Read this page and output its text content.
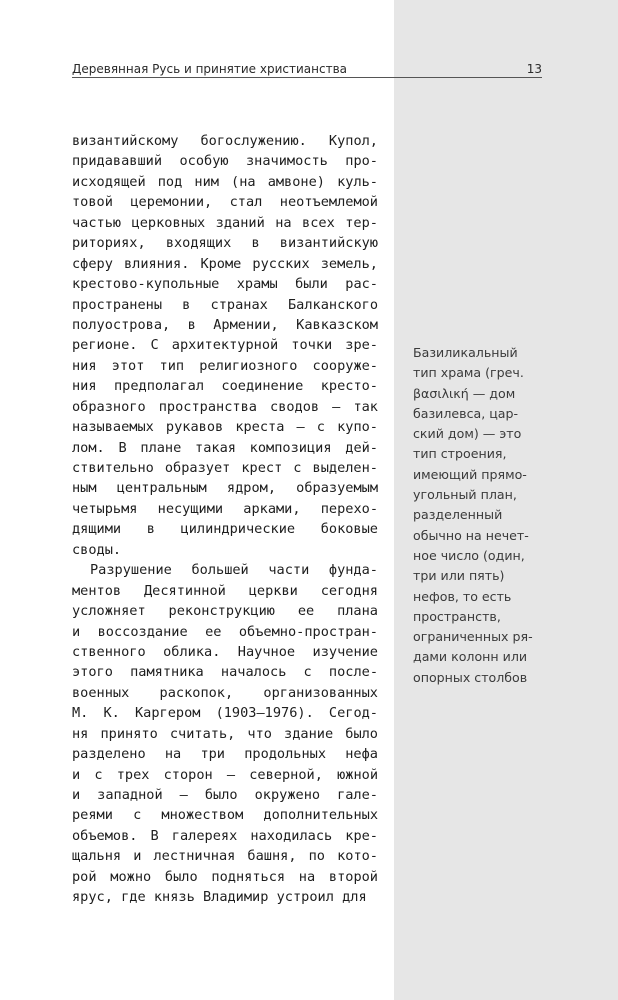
Деревянная Русь и принятие христианства	13
византийскому богослужению. Купол,
придававший особую значимость про-
исходящей под ним (на амвоне) куль-
товой церемонии, стал неотъемлемой
частью церковных зданий на всех тер-
риториях, входящих в византийскую
сферу влияния. Кроме русских земель,
крестово-купольные храмы были рас-
пространены в странах Балканского
полуострова, в Армении, Кавказском
регионе. С архитектурной точки зре-
ния этот тип религиозного сооруже-
ния предполагал соединение кресто-
образного пространства сводов — так
называемых рукавов креста — с купо-
лом. В плане такая композиция дей-
ствительно образует крест с выделен-
ным центральным ядром, образуемым
четырьмя несущими арками, перехо-
дящими в цилиндрические боковые
своды.
Разрушение большей части фунда-
ментов Десятинной церкви сегодня
усложняет реконструкцию ее плана
и воссоздание ее объемно-простран-
ственного облика. Научное изучение
этого памятника началось с после-
военных раскопок, организованных
М. К. Каргером (1903–1976). Сегод-
ня принято считать, что здание было
разделено на три продольных нефа
и с трех сторон — северной, южной
и западной — было окружено гале-
реями с множеством дополнительных
объемов. В галереях находилась кре-
щальня и лестничная башня, по кото-
рой можно было подняться на второй
ярус, где князь Владимир устроил для
Базиликальный
тип храма (греч.
βασιλική — дом
базилевса, цар-
ский дом) — это
тип строения,
имеющий прямо-
угольный план,
разделенный
обычно на нечет-
ное число (один,
три или пять)
нефов, то есть
пространств,
ограниченных ря-
дами колонн или
опорных столбов
